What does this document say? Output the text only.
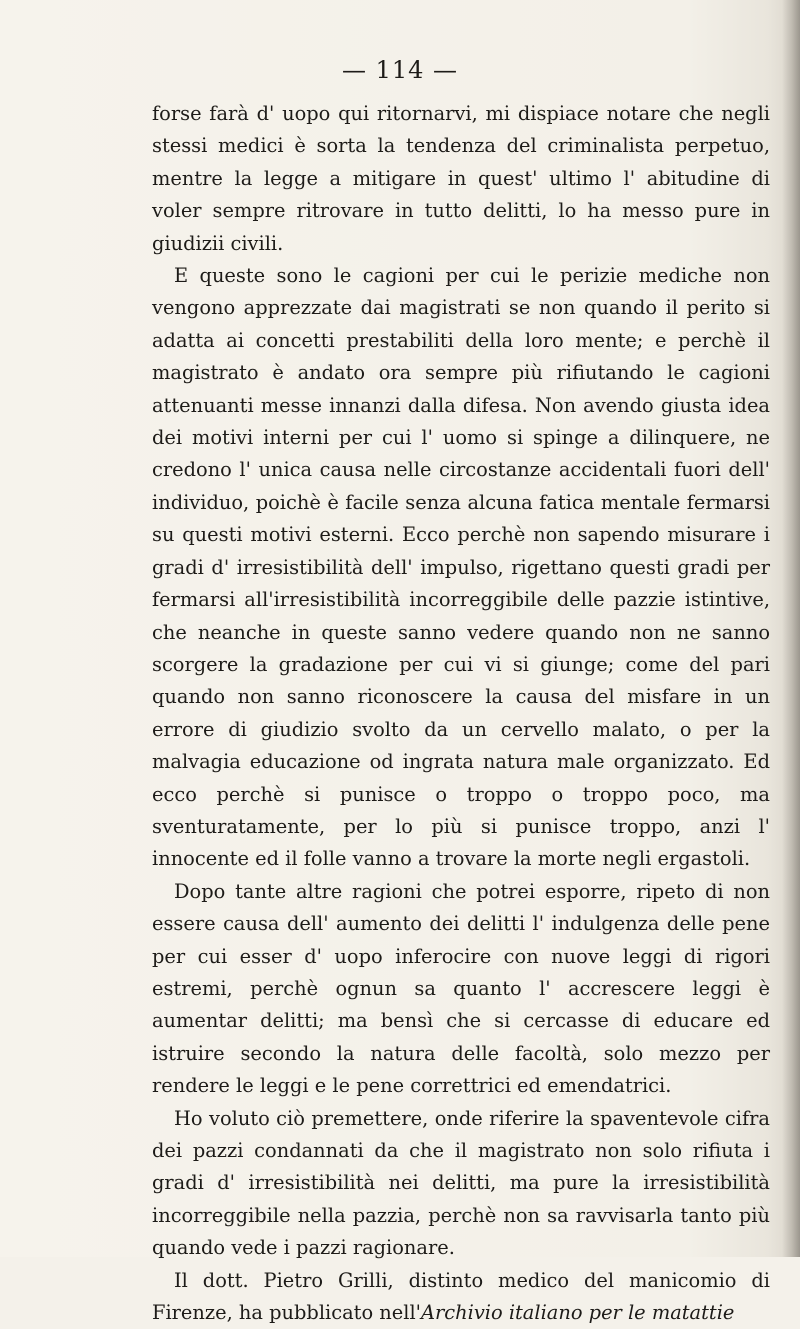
— 114 —

forse farà d' uopo qui ritornarvi, mi dispiace notare che negli stessi medici è sorta la tendenza del criminalista perpetuo, mentre la legge a mitigare in quest' ultimo l' abitudine di voler sempre ritrovare in tutto delitti, lo ha messo pure in giudizii civili.

E queste sono le cagioni per cui le perizie mediche non vengono apprezzate dai magistrati se non quando il perito si adatta ai concetti prestabiliti della loro mente; e perchè il magistrato è andato ora sempre più rifiutando le cagioni attenuanti messe innanzi dalla difesa. Non avendo giusta idea dei motivi interni per cui l' uomo si spinge a dilinquere, ne credono l' unica causa nelle circostanze accidentali fuori dell' individuo, poichè è facile senza alcuna fatica mentale fermarsi su questi motivi esterni. Ecco perchè non sapendo misurare i gradi d' irresistibilità dell' impulso, rigettano questi gradi per fermarsi all'irresistibilità incorreggibile delle pazzie istintive, che neanche in queste sanno vedere quando non ne sanno scorgere la gradazione per cui vi si giunge; come del pari quando non sanno riconoscere la causa del misfare in un errore di giudizio svolto da un cervello malato, o per la malvagia educazione od ingrata natura male organizzato. Ed ecco perchè si punisce o troppo o troppo poco, ma sventuratamente, per lo più si punisce troppo, anzi l' innocente ed il folle vanno a trovare la morte negli ergastoli.

Dopo tante altre ragioni che potrei esporre, ripeto di non essere causa dell' aumento dei delitti l' indulgenza delle pene per cui esser d' uopo inferocire con nuove leggi di rigori estremi, perchè ognun sa quanto l' accrescere leggi è aumentar delitti; ma bensì che si cercasse di educare ed istruire secondo la natura delle facoltà, solo mezzo per rendere le leggi e le pene correttrici ed emendatrici.

Ho voluto ciò premettere, onde riferire la spaventevole cifra dei pazzi condannati da che il magistrato non solo rifiuta i gradi d' irresistibilità nei delitti, ma pure la irresistibilità incorreggibile nella pazzia, perchè non sa ravvisarla tanto più quando vede i pazzi ragionare.

Il dott. Pietro Grilli, distinto medico del manicomio di Firenze, ha pubblicato nell'Archivio italiano per le matattie
